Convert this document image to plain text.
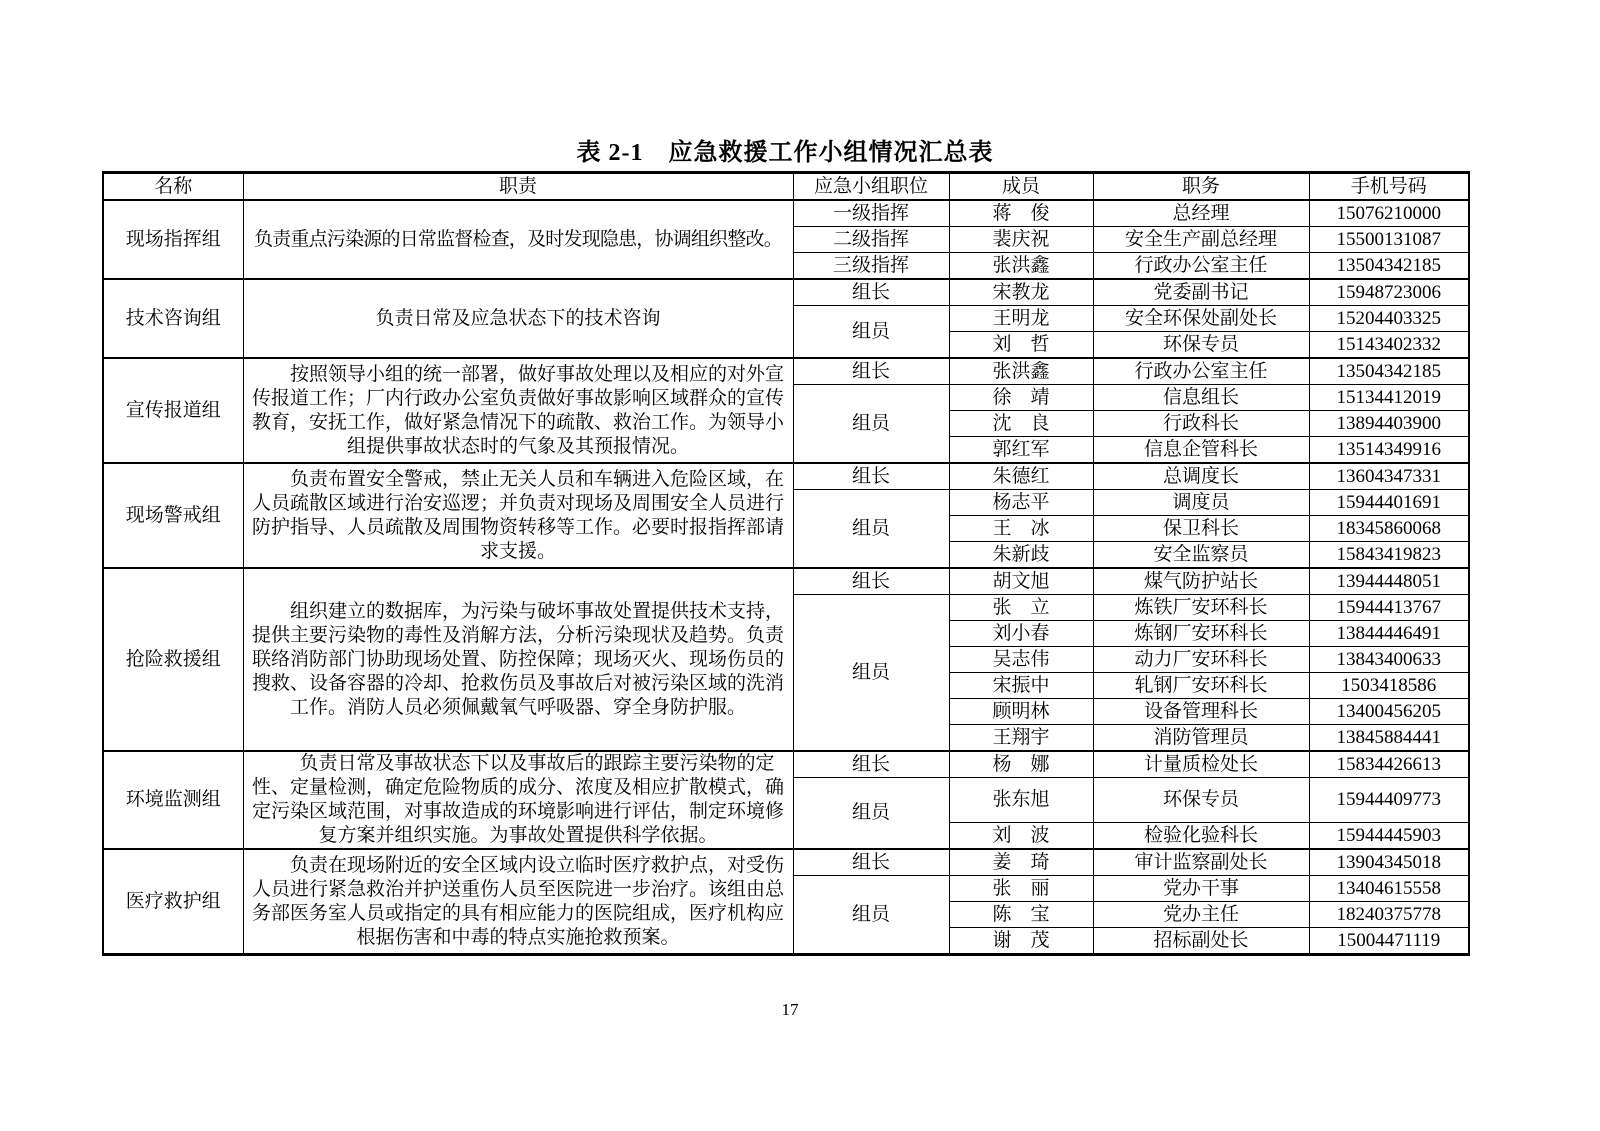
表 2-1　应急救援工作小组情况汇总表
名称	职责	应急小组职位	成员	职务	手机号码
现场指挥组	负责重点污染源的日常监督检查，及时发现隐患，协调组织整改。	一级指挥	蒋　俊	总经理	15076210000
		二级指挥	裴庆祝	安全生产副总经理	15500131087
		三级指挥	张洪鑫	行政办公室主任	13504342185
技术咨询组	负责日常及应急状态下的技术咨询	组长	宋教龙	党委副书记	15948723006
		组员	王明龙	安全环保处副处长	15204403325
			刘　哲	环保专员	15143402332
宣传报道组	按照领导小组的统一部署，做好事故处理以及相应的对外宣传报道工作；厂内行政办公室负责做好事故影响区域群众的宣传教育，安抚工作，做好紧急情况下的疏散、救治工作。为领导小组提供事故状态时的气象及其预报情况。	组长	张洪鑫	行政办公室主任	13504342185
		组员	徐　靖	信息组长	15134412019
			沈　良	行政科长	13894403900
			郭红军	信息企管科长	13514349916
现场警戒组	负责布置安全警戒，禁止无关人员和车辆进入危险区域，在人员疏散区域进行治安巡逻；并负责对现场及周围安全人员进行防护指导、人员疏散及周围物资转移等工作。必要时报指挥部请求支援。	组长	朱德红	总调度长	13604347331
		组员	杨志平	调度员	15944401691
			王　冰	保卫科长	18345860068
			朱新歧	安全监察员	15843419823
抢险救援组	组织建立的数据库，为污染与破坏事故处置提供技术支持，提供主要污染物的毒性及消解方法，分析污染现状及趋势。负责联络消防部门协助现场处置、防控保障；现场灭火、现场伤员的搜救、设备容器的冷却、抢救伤员及事故后对被污染区域的洗消工作。消防人员必须佩戴氧气呼吸器、穿全身防护服。	组长	胡文旭	煤气防护站长	13944448051
		组员	张　立	炼铁厂安环科长	15944413767
			刘小春	炼钢厂安环科长	13844446491
			吴志伟	动力厂安环科长	13843400633
			宋振中	轧钢厂安环科长	1503418586
			顾明林	设备管理科长	13400456205
			王翔宇	消防管理员	13845884441
环境监测组	负责日常及事故状态下以及事故后的跟踪主要污染物的定性、定量检测，确定危险物质的成分、浓度及相应扩散模式，确定污染区域范围，对事故造成的环境影响进行评估，制定环境修复方案并组织实施。为事故处置提供科学依据。	组长	杨　娜	计量质检处长	15834426613
		组员	张东旭	环保专员	15944409773
			刘　波	检验化验科长	15944445903
医疗救护组	负责在现场附近的安全区域内设立临时医疗救护点，对受伤人员进行紧急救治并护送重伤人员至医院进一步治疗。该组由总务部医务室人员或指定的具有相应能力的医院组成，医疗机构应根据伤害和中毒的特点实施抢救预案。	组长	姜　琦	审计监察副处长	13904345018
		组员	张　丽	党办干事	13404615558
			陈　宝	党办主任	18240375778
			谢　茂	招标副处长	15004471119
17
